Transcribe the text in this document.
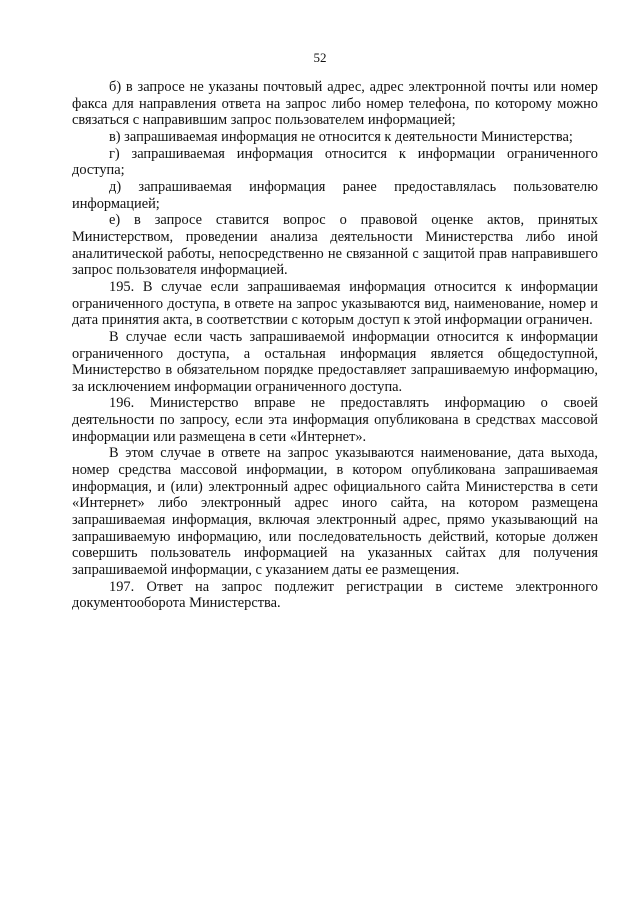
52

б) в запросе не указаны почтовый адрес, адрес электронной почты или номер факса для направления ответа на запрос либо номер телефона, по которому можно связаться с направившим запрос пользователем информацией;

в) запрашиваемая информация не относится к деятельности Министерства;

г) запрашиваемая информация относится к информации ограниченного доступа;

д) запрашиваемая информация ранее предоставлялась пользователю информацией;

е) в запросе ставится вопрос о правовой оценке актов, принятых Министерством, проведении анализа деятельности Министерства либо иной аналитической работы, непосредственно не связанной с защитой прав направившего запрос пользователя информацией.

195. В случае если запрашиваемая информация относится к информации ограниченного доступа, в ответе на запрос указываются вид, наименование, номер и дата принятия акта, в соответствии с которым доступ к этой информации ограничен.

В случае если часть запрашиваемой информации относится к информации ограниченного доступа, а остальная информация является общедоступной, Министерство в обязательном порядке предоставляет запрашиваемую информацию, за исключением информации ограниченного доступа.

196. Министерство вправе не предоставлять информацию о своей деятельности по запросу, если эта информация опубликована в средствах массовой информации или размещена в сети «Интернет».

В этом случае в ответе на запрос указываются наименование, дата выхода, номер средства массовой информации, в котором опубликована запрашиваемая информация, и (или) электронный адрес официального сайта Министерства в сети «Интернет» либо электронный адрес иного сайта, на котором размещена запрашиваемая информация, включая электронный адрес, прямо указывающий на запрашиваемую информацию, или последовательность действий, которые должен совершить пользователь информацией на указанных сайтах для получения запрашиваемой информации, с указанием даты ее размещения.

197. Ответ на запрос подлежит регистрации в системе электронного документооборота Министерства.
